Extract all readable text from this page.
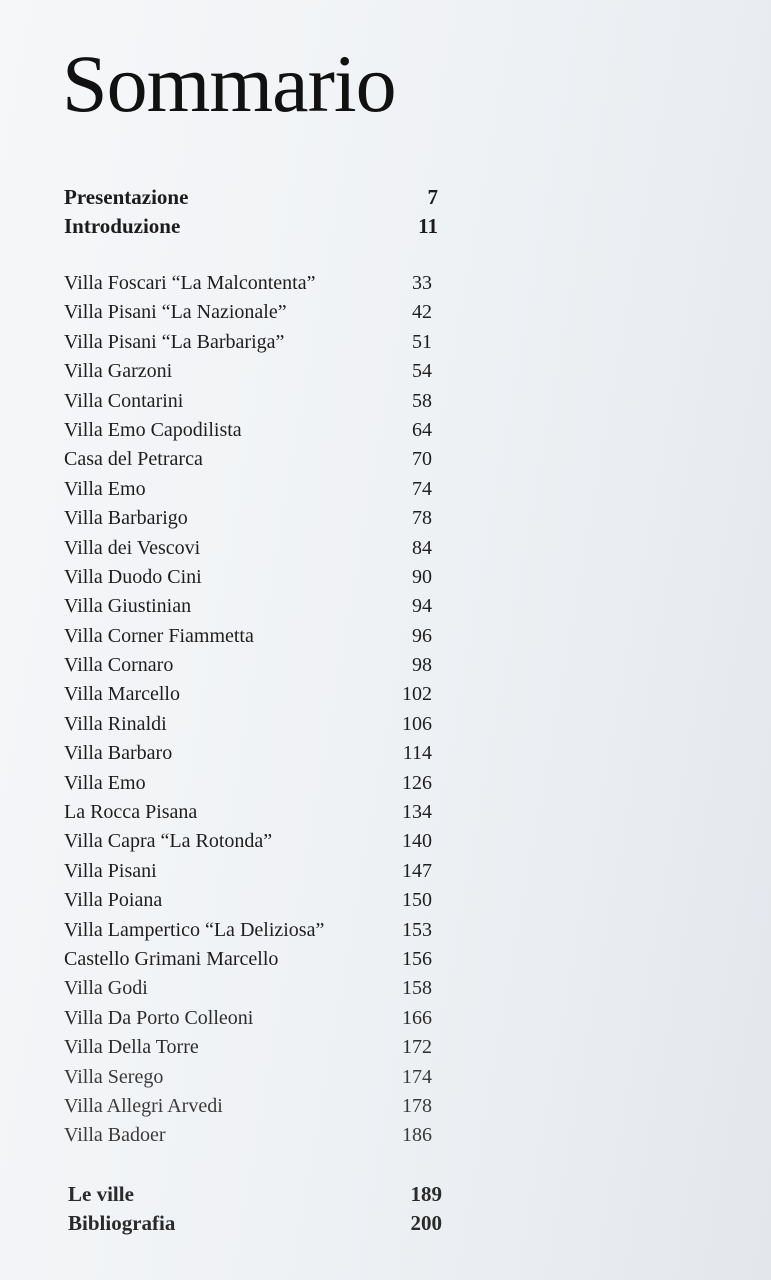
Sommario
Presentazione	7
Introduzione	11
Villa Foscari “La Malcontenta”	33
Villa Pisani “La Nazionale”	42
Villa Pisani “La Barbariga”	51
Villa Garzoni	54
Villa Contarini	58
Villa Emo Capodilista	64
Casa del Petrarca	70
Villa Emo	74
Villa Barbarigo	78
Villa dei Vescovi	84
Villa Duodo Cini	90
Villa Giustinian	94
Villa Corner Fiammetta	96
Villa Cornaro	98
Villa Marcello	102
Villa Rinaldi	106
Villa Barbaro	114
Villa Emo	126
La Rocca Pisana	134
Villa Capra “La Rotonda”	140
Villa Pisani	147
Villa Poiana	150
Villa Lampertico “La Deliziosa”	153
Castello Grimani Marcello	156
Villa Godi	158
Villa Da Porto Colleoni	166
Villa Della Torre	172
Villa Serego	174
Villa Allegri Arvedi	178
Villa Badoer	186
Le ville	189
Bibliografia	200
